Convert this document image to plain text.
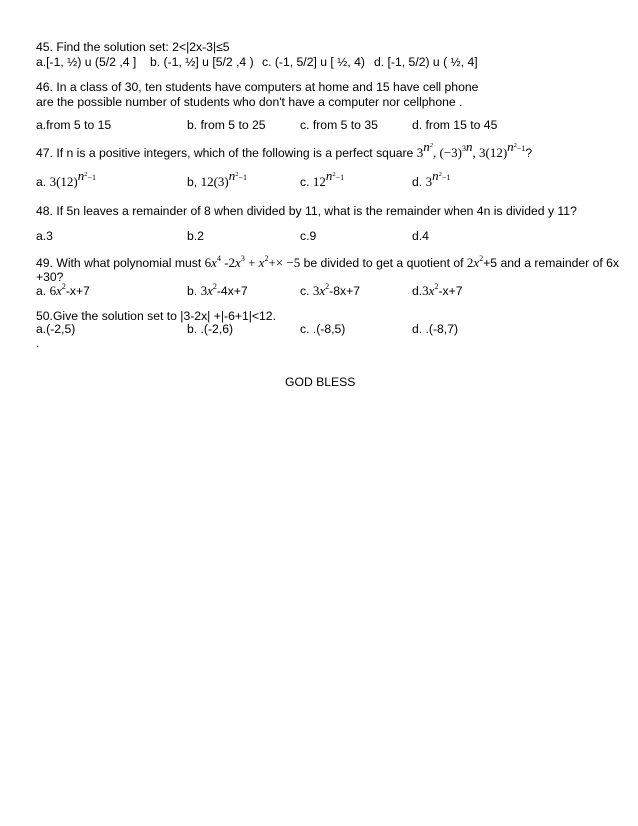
45. Find the solution set: 2<|2x-3|≤5
a.[-1, ½) u (5/2 ,4 ] b. (-1, ½] u [5/2 ,4 ) c. (-1, 5/2] u [ ½, 4) d. [-1, 5/2) u ( ½, 4]
46. In a class of 30, ten students have computers at home and 15 have cell phone
are the possible number of students who don't have a computer nor cellphone .
a.from 5 to 15	b. from 5 to 25	c. from 5 to 35	d. from 15 to 45
47. If n is a positive integers, which of the following is a perfect square $3^{n^2}$, $(-3)^{3n}$, $3(12)^{n^2-1}$?
a. $3(12)^{n^2-1}$	b, $12(3)^{n^2-1}$	c. $12^{n^2-1}$	d. $3^{n^2-1}$
48. If 5n leaves a remainder of 8 when divided by 11, what is the remainder when 4n is divided y 11?
a.3	b.2	c.9	d.4
49. With what polynomial must $6x^4$ $-2x^3 + x^2+\times -5$ be divided to get a quotient of $2x^2+5$ and a remainder of 6x
+30?
a. $6x^2-x+7$	b. $3x^2-4x+7$	c. $3x^2-8x+7$	$d.3x^2-x+7$
50.Give the solution set to |3-2x| +|-6+1|<12.
a.(-2,5)	b. .(-2,6)	c. .(-8,5)	d. .(-8,7)
.
GOD BLESS
